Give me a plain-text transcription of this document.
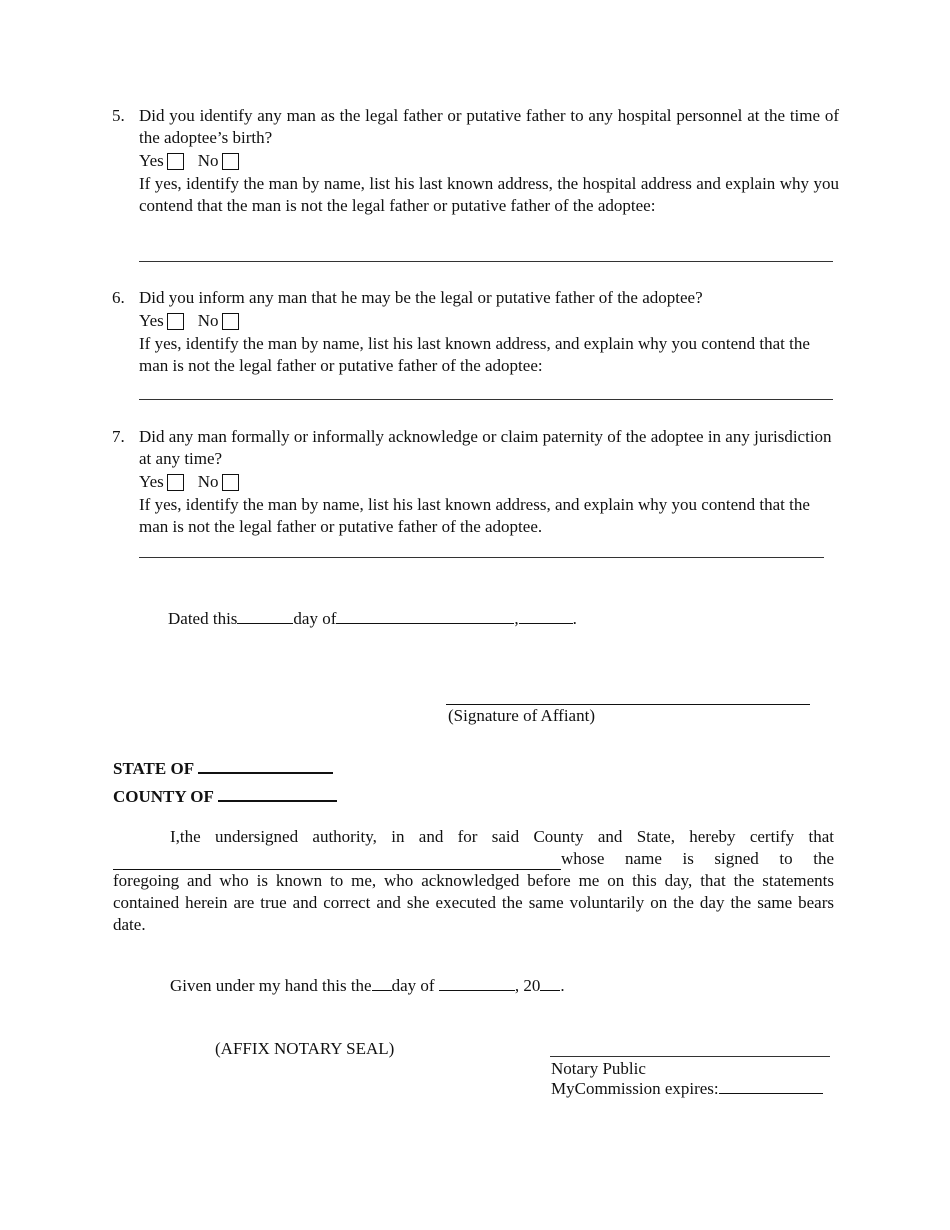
5. Did you identify any man as the legal father or putative father to any hospital personnel at the time of the adoptee’s birth?
Yes No
If yes, identify the man by name, list his last known address, the hospital address and explain why you contend that the man is not the legal father or putative father of the adoptee:
6. Did you inform any man that he may be the legal or putative father of the adoptee?
Yes No
If yes, identify the man by name, list his last known address, and explain why you contend that the man is not the legal father or putative father of the adoptee:
7. Did any man formally or informally acknowledge or claim paternity of the adoptee in any jurisdiction at any time?
Yes No
If yes, identify the man by name, list his last known address, and explain why you contend that the man is not the legal father or putative father of the adoptee.
Dated this	day of	,	.
(Signature of Affiant)
STATE OF
COUNTY OF
I,the undersigned authority, in and for said County and State, hereby certify that
whose name is signed to the
foregoing and who is known to me, who acknowledged before me on this day, that the statements contained herein are true and correct and she executed the same voluntarily on the day the same bears date.
Given under my hand this the day of	, 20 .
(AFFIX NOTARY SEAL)
Notary Public
MyCommission expires:
